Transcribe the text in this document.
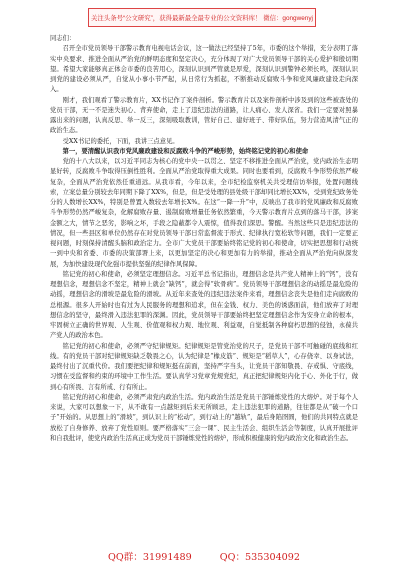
关注头条号“公文研究”，获得最新最全最专业的公文资料库！ 微信：gongwenyj

同志们：

召开全市党员领导干部警示教育电视电话会议，这一做法已经坚持了5年，市委的这个举措，充分表明了落实中央要求、推进全面从严治党的鲜明态度和坚定决心，充分体现了对广大党员领导干部的关心爱护和殷切期望。希望大家能够真正体会市委的良苦用心，深刻认识到严管就是厚爱，深刻认识到警钟必须长鸣，深刻认识到党的建设必须从严，自觉从小事小节严起，从日常行为抓起，不断推动反腐败斗争和党风廉政建设走向深入。

刚才，我们观看了警示教育片，XX书记作了案件剖析。警示教育片以及案件剖析中涉及到的这些被查处的党员干部，无一不是迷失初心、背弃使命，走上了违纪违法的道路，让人痛心、发人深省。我们一定要对照暴露出来的问题，认真反思、举一反三，深刻吸取教训，管好自己、建好班子、带好队伍，努力营造风清气正的政治生态。

受XX书记的委托，下面，我讲三点意见。

第一，要清醒认识我市党风廉政建设和反腐败斗争的严峻形势，始终铭记党的初心和使命

党的十八大以来，以习近平同志为核心的党中央一以贯之、坚定不移推进全面从严治党，党内政治生态明显好转，反腐败斗争取得压倒性胜利。全面从严治党取得重大成果。同时也要看到，反腐败斗争形势依然严峻复杂，全面从严治党依然任重道远。从我市看，今年以来，全市纪检监察机关共受理信访举报，处置问题线索，立案总量分别较去年同期下降了XX%，但是，但是受处理的县处级干部却同比增长XX%，受到党纪政务处分的人数增长XX%，特别是曾置入数较去年增长X%。在这“一降一升”中，反映出了我市的党风廉政和反腐败斗争形势仍然严峻复杂，化解腐败存量、遏制腐败增量任务依然繁重，今天警示教育片点到的落马干部，涉案金额之大，情节之恶劣，影响之坏，手段之隐蔽都令人震惊，值得我们深思。警醒。当然这些只是违纪违法的情况，但一些县区和单位仍然存在对党员领导干部日常监督流于形式、纪律执行宽松软等问题，我们一定要正视问题，时刻保持清醒头脑和政治定力。全市广大党员干部要始终铭记党的初心和使命，切实把思想和行动统一到中央和省委、市委的决策部署上来，以更加坚定的决心和更加有力的举措，推动全面从严治党向纵深发展，为加快建设现代化强市提供坚强的纪律作风保障。

铭记党的初心和使命，必须坚定理想信念。习近平总书记指出，理想信念是共产党人精神上的“钙”，没有理想信念，理想信念不坚定，精神上就会“缺钙”，就会得“软骨病”。党员领导干部理想信念的动摇是最危险的动摇，理想信念的滑坡是最危险的滑坡。从近年来查处的违纪违法案件来看，理想信念丧失是他们走向腐败的总根源。很多人开始时也有过为人民服务的理想和追求，但在金钱、权力、美色的诱惑面前，他们放弃了对理想信念的坚守，最终滑入违法犯罪的深渊。因此，党员领导干部要始终把坚定理想信念作为安身立命的根本，牢固树立正确的世界观、人生观、价值观和权力观、地位观、利益观，自觉抵制各种腐朽思想的侵蚀，永葆共产党人的政治本色。

铭记党的初心和使命，必须严守纪律规矩。纪律规矩是管党治党的尺子，是党员干部不可触碰的底线和红线。有的党员干部对纪律规矩缺乏敬畏之心，认为纪律是“橡皮筋”、规矩是“稻草人”，心存侥幸、以身试法，最终付出了沉重代价。我们要把纪律和规矩挺在前面，坚持严字当头，让党员干部知敬畏、存戒惧、守底线，习惯在受监督和约束的环境中工作生活。要认真学习党章党规党纪，真正把纪律规矩内化于心、外化于行，做到心有所畏、言有所戒、行有所止。

铭记党的初心和使命，必须严肃党内政治生活。党内政治生活是党员干部锤炼党性的大熔炉。对于每个人来说，大家可以想象一下，从不敢有一点越矩到后来无所顾忌，走上违法犯罪的道路，往往都是从“破一个口子”开始的。从思想上的“滑坡”，到认识上的“松动”，到行动上的“越轨”，最后身陷囹圄，他们的共同特点就是放松了自身修养、放弃了党性原则。要严格落实“三会一课”、民主生活会、组织生活会等制度，认真开展批评和自我批评，使党内政治生活真正成为党员干部锤炼党性的熔炉，形成积极健康的党内政治文化和政治生态。

QQ群：31991489	QQ：535304092
